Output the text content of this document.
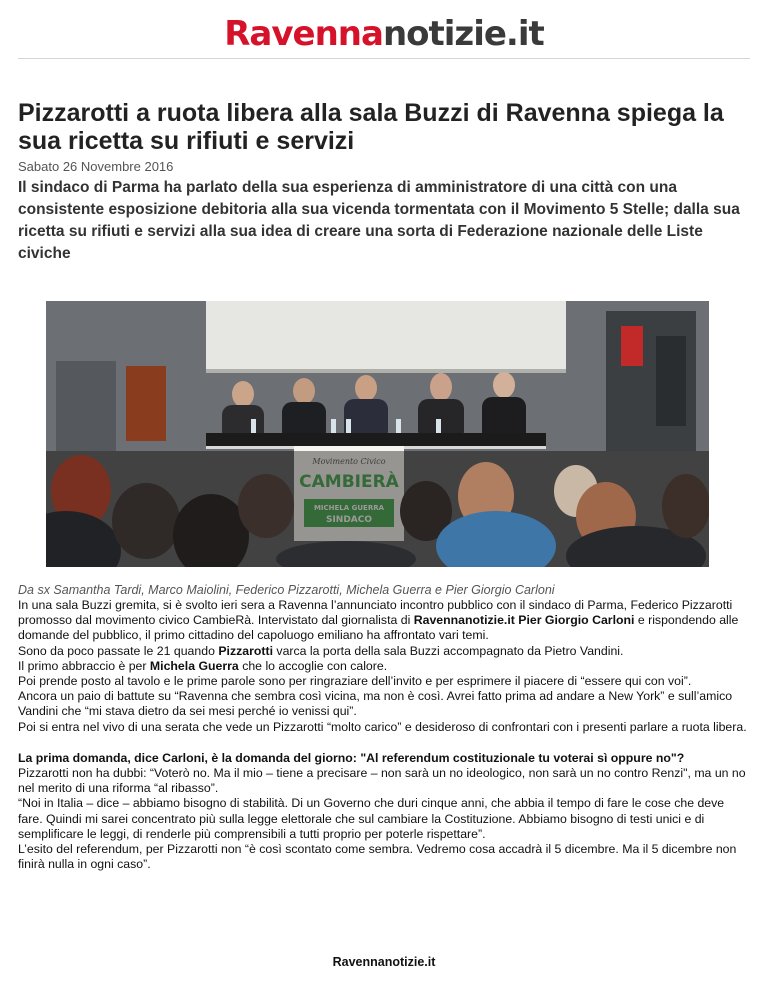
Ravennanotizie.it
Pizzarotti a ruota libera alla sala Buzzi di Ravenna spiega la sua ricetta su rifiuti e servizi
Sabato 26 Novembre 2016
Il sindaco di Parma ha parlato della sua esperienza di amministratore di una città con una consistente esposizione debitoria alla sua vicenda tormentata con il Movimento 5 Stelle; dalla sua ricetta su rifiuti e servizi alla sua idea di creare una sorta di Federazione nazionale delle Liste civiche
Da sx Samantha Tardi, Marco Maiolini, Federico Pizzarotti, Michela Guerra e Pier Giorgio Carloni

In una sala Buzzi gremita, si è svolto ieri sera a Ravenna l’annunciato incontro pubblico con il sindaco di Parma, Federico Pizzarotti promosso dal movimento civico CambieRà. Intervistato dal giornalista di Ravennanotizie.it Pier Giorgio Carloni e rispondendo alle domande del pubblico, il primo cittadino del capoluogo emiliano ha affrontato vari temi.

Sono da poco passate le 21 quando Pizzarotti varca la porta della sala Buzzi accompagnato da Pietro Vandini.

Il primo abbraccio è per Michela Guerra che lo accoglie con calore.

Poi prende posto al tavolo e le prime parole sono per ringraziare dell’invito e per esprimere il piacere di “essere qui con voi”.

Ancora un paio di battute su “Ravenna che sembra così vicina, ma non è così. Avrei fatto prima ad andare a New York” e sull’amico Vandini che “mi stava dietro da sei mesi perché io venissi qui”.

Poi si entra nel vivo di una serata che vede un Pizzarotti “molto carico” e desideroso di confrontari con i presenti parlare a ruota libera.

La prima domanda, dice Carloni, è la domanda del giorno: "Al referendum costituzionale tu voterai sì oppure no"?

Pizzarotti non ha dubbi: “Voterò no. Ma il mio – tiene a precisare – non sarà un no ideologico, non sarà un no contro Renzi", ma un no nel merito di una riforma “al ribasso”.

“Noi in Italia – dice – abbiamo bisogno di stabilità. Di un Governo che duri cinque anni, che abbia il tempo di fare le cose che deve fare. Quindi mi sarei concentrato più sulla legge elettorale che sul cambiare la Costituzione. Abbiamo bisogno di testi unici e di semplificare le leggi, di renderle più comprensibili a tutti proprio per poterle rispettare”.

L’esito del referendum, per Pizzarotti non “è così scontato come sembra. Vedremo cosa accadrà il 5 dicembre. Ma il 5 dicembre non finirà nulla in ogni caso”.

Ravennanotizie.it
